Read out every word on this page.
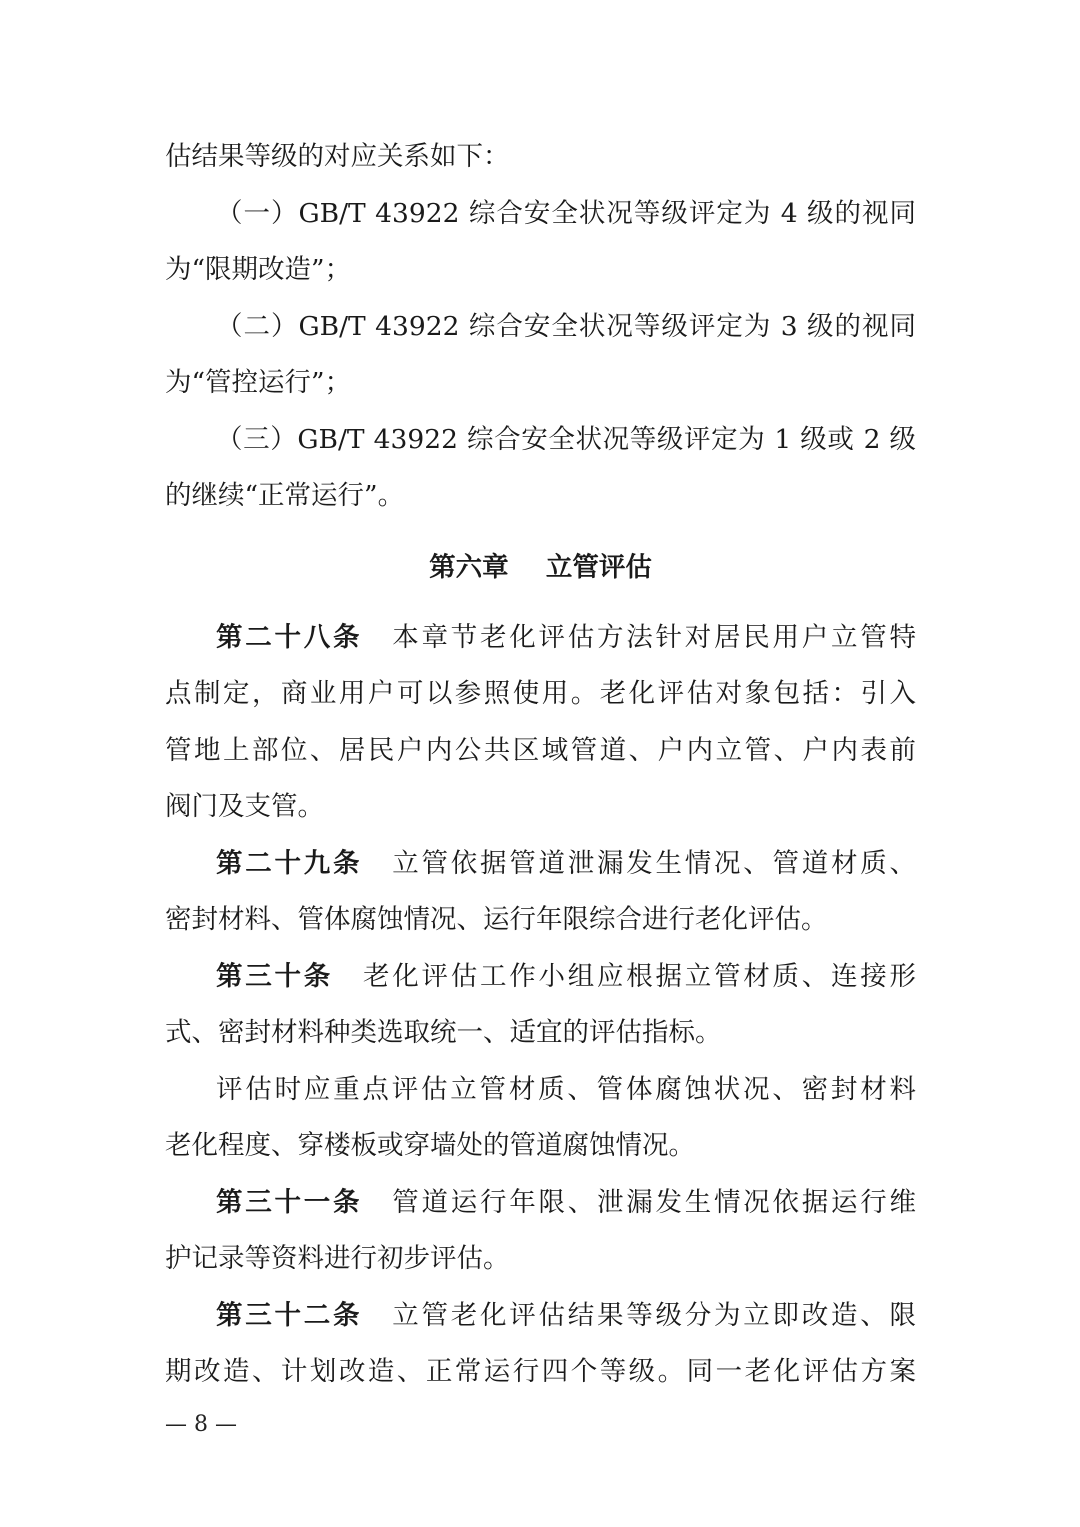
估结果等级的对应关系如下：
（一）GB/T 43922 综合安全状况等级评定为 4 级的视同
为“限期改造”；
（二）GB/T 43922 综合安全状况等级评定为 3 级的视同
为“管控运行”；
（三）GB/T 43922 综合安全状况等级评定为 1 级或 2 级
的继续“正常运行”。
第六章 立管评估
第二十八条 本章节老化评估方法针对居民用户立管特
点制定，商业用户可以参照使用。老化评估对象包括：引入
管地上部位、居民户内公共区域管道、户内立管、户内表前
阀门及支管。
第二十九条 立管依据管道泄漏发生情况、管道材质、
密封材料、管体腐蚀情况、运行年限综合进行老化评估。
第三十条 老化评估工作小组应根据立管材质、连接形
式、密封材料种类选取统一、适宜的评估指标。
评估时应重点评估立管材质、管体腐蚀状况、密封材料
老化程度、穿楼板或穿墙处的管道腐蚀情况。
第三十一条 管道运行年限、泄漏发生情况依据运行维
护记录等资料进行初步评估。
第三十二条 立管老化评估结果等级分为立即改造、限
期改造、计划改造、正常运行四个等级。同一老化评估方案
— 8 —
